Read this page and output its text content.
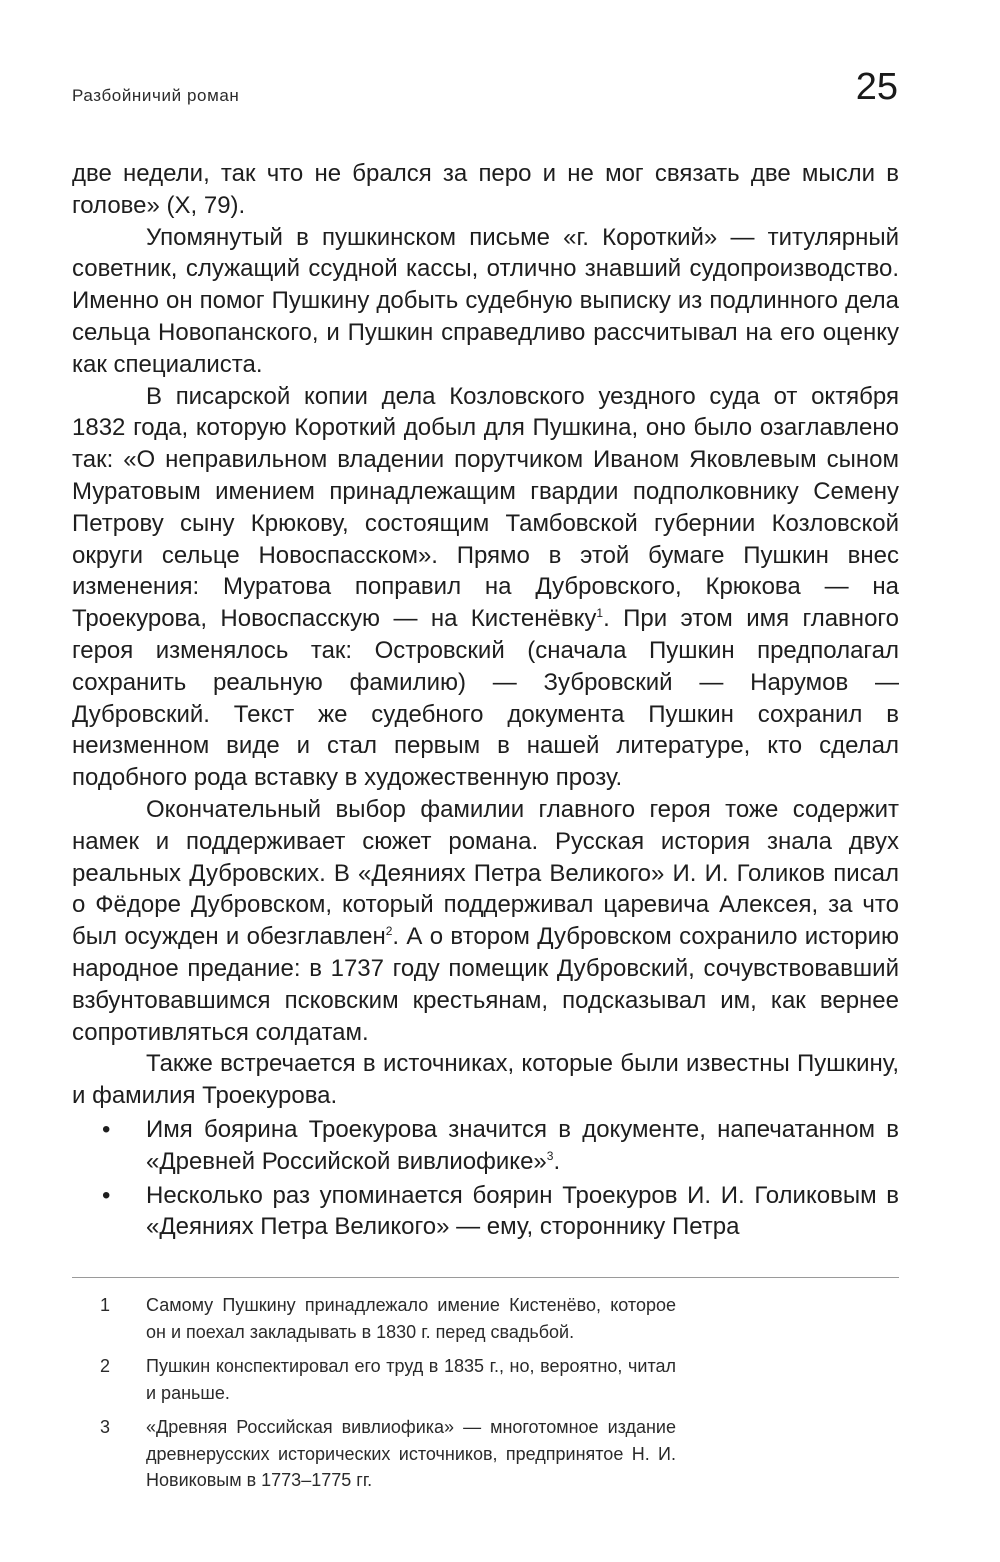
Разбойничий роман	25

две недели, так что не брался за перо и не мог связать две мысли в голове» (X, 79).

Упомянутый в пушкинском письме «г. Короткий» — титулярный советник, служащий ссудной кассы, отлично знавший судопроизводство. Именно он помог Пушкину добыть судебную выписку из подлинного дела сельца Новопанского, и Пушкин справедливо рассчитывал на его оценку как специалиста.

В писарской копии дела Козловского уездного суда от октября 1832 года, которую Короткий добыл для Пушкина, оно было озаглавлено так: «О неправильном владении порутчиком Иваном Яковлевым сыном Муратовым имением принадлежащим гвардии подполковнику Семену Петрову сыну Крюкову, состоящим Тамбовской губернии Козловской округи сельце Новоспасском». Прямо в этой бумаге Пушкин внес изменения: Муратова поправил на Дубровского, Крюкова — на Троекурова, Новоспасскую — на Кистенёвку$^1$. При этом имя главного героя изменялось так: Островский (сначала Пушкин предполагал сохранить реальную фамилию) — Зубровский — Нарумов — Дубровский. Текст же судебного документа Пушкин сохранил в неизменном виде и стал первым в нашей литературе, кто сделал подобного рода вставку в художественную прозу.

Окончательный выбор фамилии главного героя тоже содержит намек и поддерживает сюжет романа. Русская история знала двух реальных Дубровских. В «Деяниях Петра Великого» И. И. Голиков писал о Фёдоре Дубровском, который поддерживал царевича Алексея, за что был осужден и обезглавлен$^2$. А о втором Дубровском сохранило историю народное предание: в 1737 году помещик Дубровский, сочувствовавший взбунтовавшимся псковским крестьянам, подсказывал им, как вернее сопротивляться солдатам.

Также встречается в источниках, которые были известны Пушкину, и фамилия Троекурова.

• Имя боярина Троекурова значится в документе, напечатанном в «Древней Российской вивлиофике»$^3$.
• Несколько раз упоминается боярин Троекуров И. И. Голиковым в «Деяниях Петра Великого» — ему, стороннику Петра
1 Самому Пушкину принадлежало имение Кистенёво, которое он и поехал закладывать в 1830 г. перед свадьбой.
2 Пушкин конспектировал его труд в 1835 г., но, вероятно, читал и раньше.
3 «Древняя Российская вивлиофика» — многотомное издание древнерусских исторических источников, предпринятое Н. И. Новиковым в 1773–1775 гг.
